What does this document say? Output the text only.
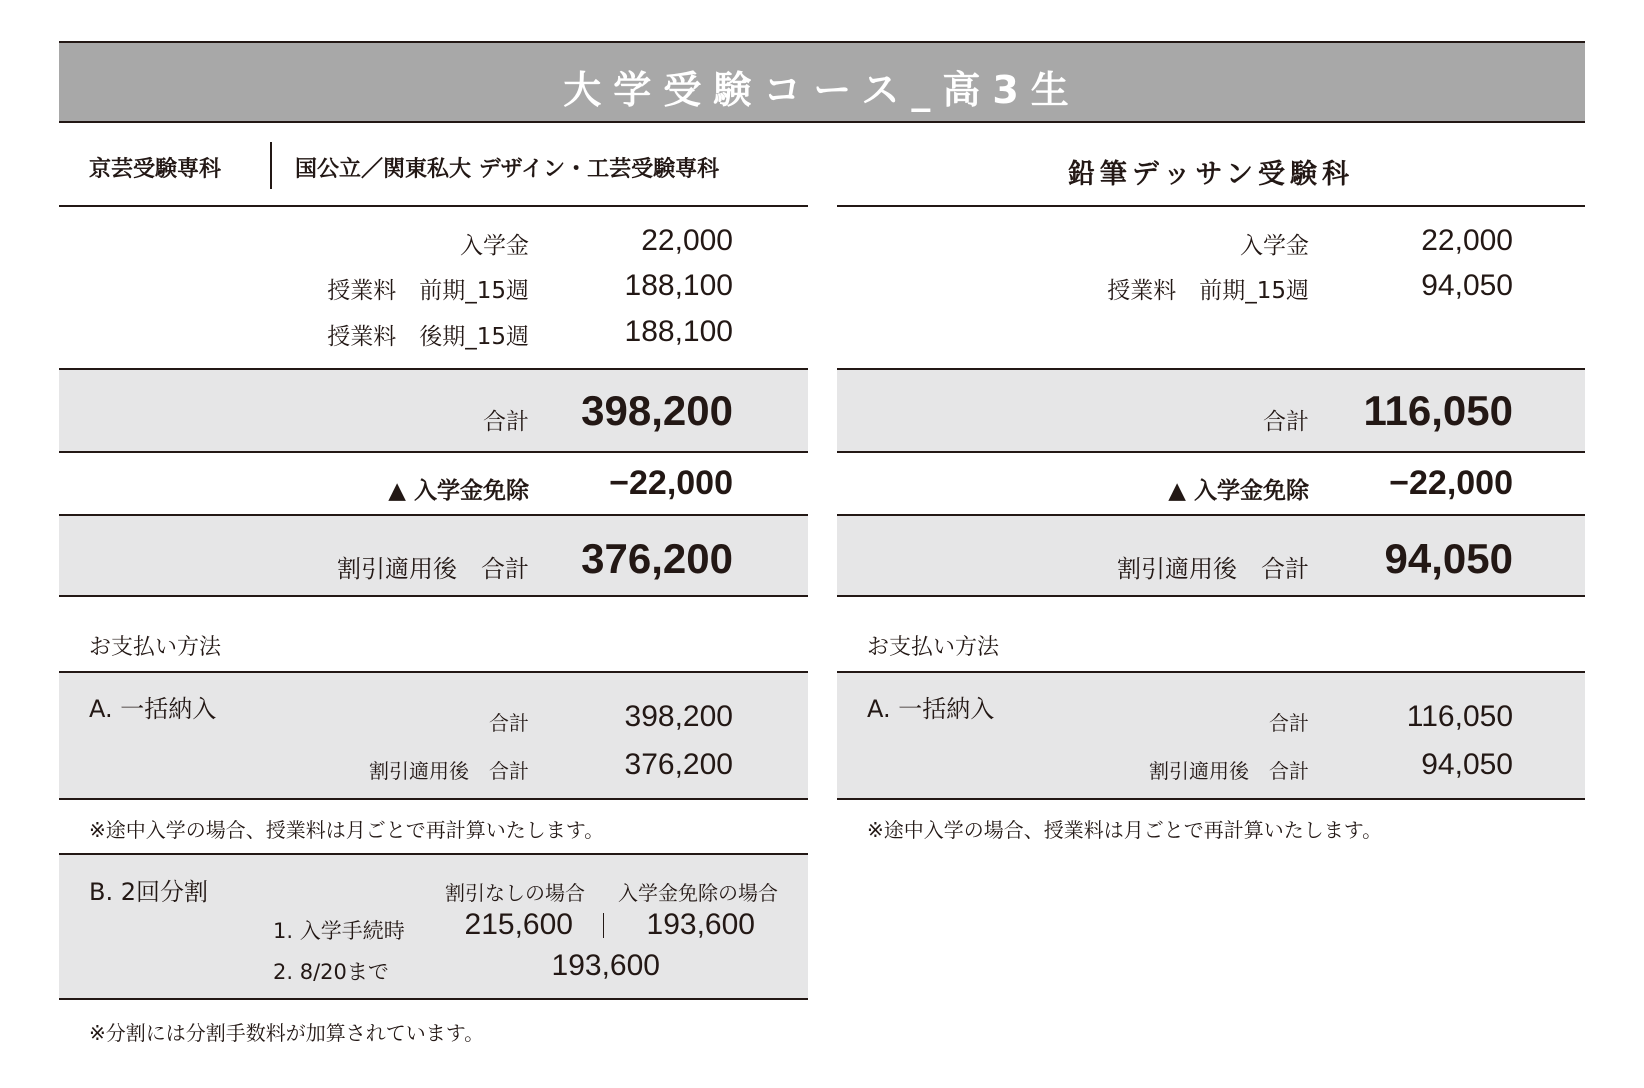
大学受験コース_高3生
京芸受験専科	国公立／関東私大 デザイン・工芸受験専科
入学金	22,000
授業料　前期_15週	188,100
授業料　後期_15週	188,100
合計	398,200
▲ 入学金免除	−22,000
割引適用後　合計	376,200
お支払い方法
A. 一括納入	合計	398,200
割引適用後　合計	376,200
※途中入学の場合、授業料は月ごとで再計算いたします。
B. 2回分割	割引なしの場合 入学金免除の場合
1. 入学手続時	215,600	193,600
2. 8/20まで	193,600
※分割には分割手数料が加算されています。
鉛筆デッサン受験科
入学金	22,000
授業料　前期_15週	94,050
合計	116,050
▲ 入学金免除	−22,000
割引適用後　合計	94,050
お支払い方法
A. 一括納入	合計	116,050
割引適用後　合計	94,050
※途中入学の場合、授業料は月ごとで再計算いたします。
